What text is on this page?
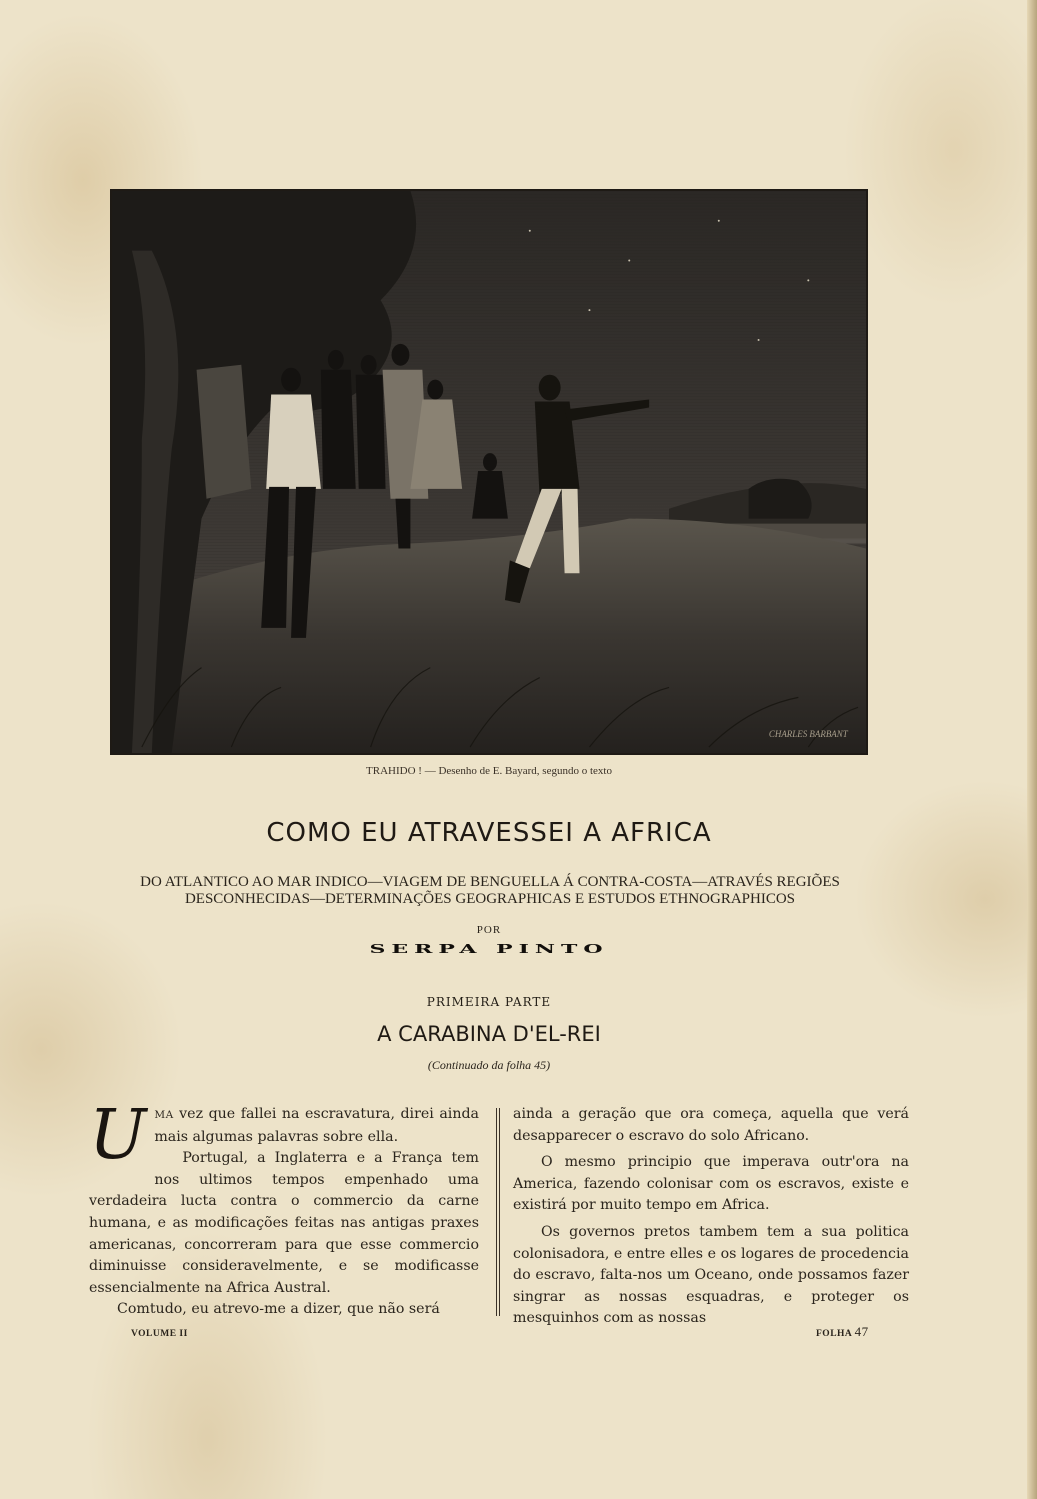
CHARLES BARBANT
TRAHIDO ! — Desenho de E. Bayard, segundo o texto
COMO EU ATRAVESSEI A AFRICA
DO ATLANTICO AO MAR INDICO—VIAGEM DE BENGUELLA Á CONTRA-COSTA—ATRAVÉS REGIÕES
DESCONHECIDAS—DETERMINAÇÕES GEOGRAPHICAS E ESTUDOS ETHNOGRAPHICOS
POR
SERPA PINTO
PRIMEIRA PARTE
A CARABINA D'EL-REI
(Continuado da folha 45)
U MA vez que fallei na escravatura, direi ainda mais algumas palavras sobre ella.

Portugal, a Inglaterra e a França tem nos ultimos tempos empenhado uma verdadeira lucta contra o commercio da carne humana, e as modificações feitas nas antigas praxes americanas, concorreram para que esse commercio diminuisse consideravelmente, e se modificasse essencialmente na Africa Austral.

Comtudo, eu atrevo-me a dizer, que não será

ainda a geração que ora começa, aquella que verá desapparecer o escravo do solo Africano.

O mesmo principio que imperava outr'ora na America, fazendo colonisar com os escravos, existe e existirá por muito tempo em Africa.

Os governos pretos tambem tem a sua politica colonisadora, e entre elles e os logares de procedencia do escravo, falta-nos um Oceano, onde possamos fazer singrar as nossas esquadras, e proteger os mesquinhos com as nossas

VOLUME II	FOLHA 47
